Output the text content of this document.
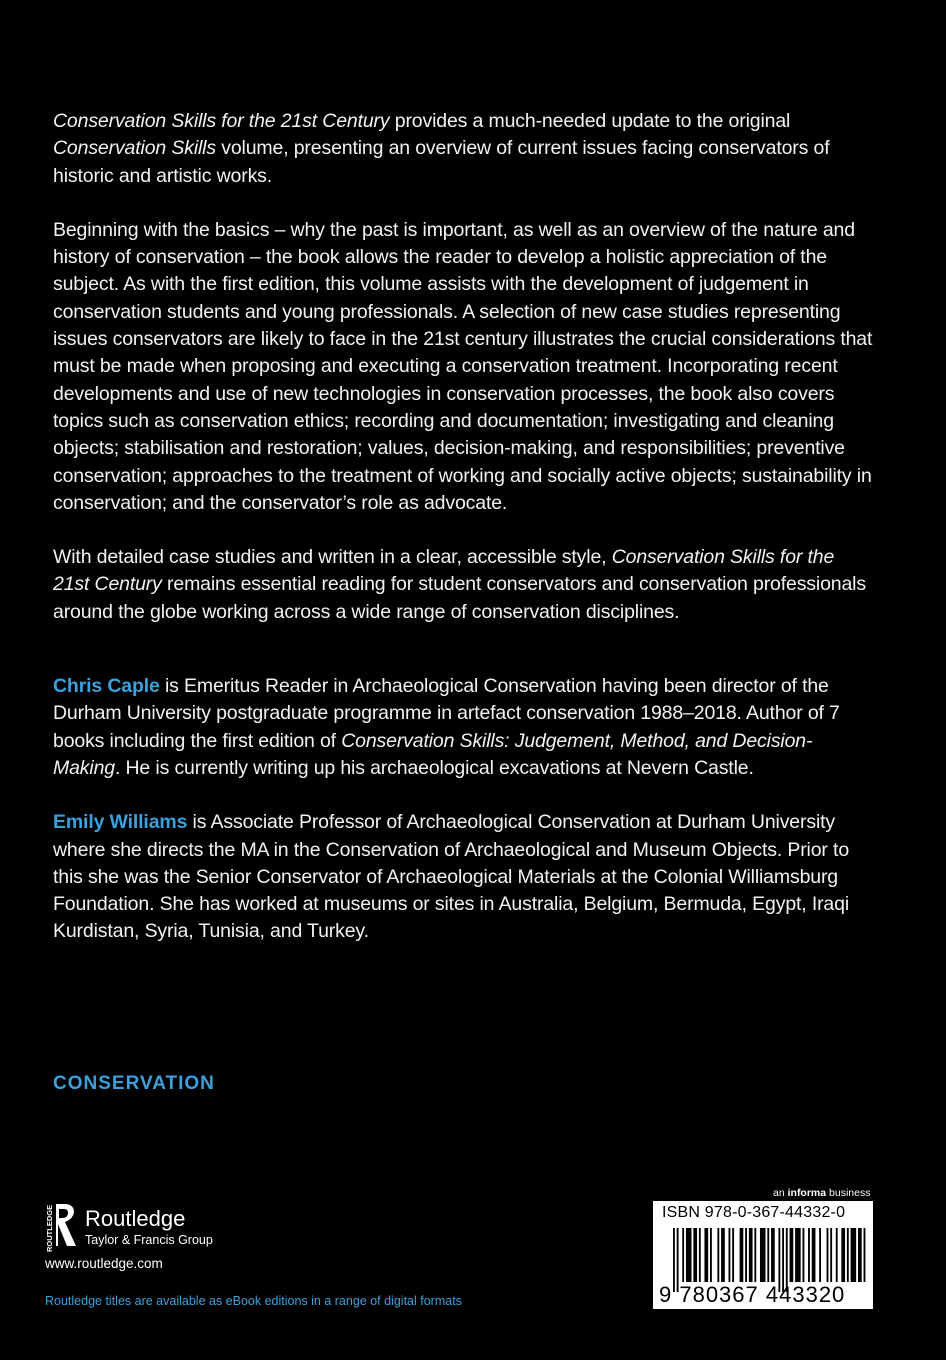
Conservation Skills for the 21st Century provides a much-needed update to the original Conservation Skills volume, presenting an overview of current issues facing conservators of historic and artistic works.

Beginning with the basics – why the past is important, as well as an overview of the nature and history of conservation – the book allows the reader to develop a holistic appreciation of the subject. As with the first edition, this volume assists with the development of judgement in conservation students and young professionals. A selection of new case studies representing issues conservators are likely to face in the 21st century illustrates the crucial considerations that must be made when proposing and executing a conservation treatment. Incorporating recent developments and use of new technologies in conservation processes, the book also covers topics such as conservation ethics; recording and documentation; investigating and cleaning objects; stabilisation and restoration; values, decision-making, and responsibilities; preventive conservation; approaches to the treatment of working and socially active objects; sustainability in conservation; and the conservator’s role as advocate.

With detailed case studies and written in a clear, accessible style, Conservation Skills for the 21st Century remains essential reading for student conservators and conservation professionals around the globe working across a wide range of conservation disciplines.

Chris Caple is Emeritus Reader in Archaeological Conservation having been director of the Durham University postgraduate programme in artefact conservation 1988–2018. Author of 7 books including the first edition of Conservation Skills: Judgement, Method, and Decision-Making. He is currently writing up his archaeological excavations at Nevern Castle.

Emily Williams is Associate Professor of Archaeological Conservation at Durham University where she directs the MA in the Conservation of Archaeological and Museum Objects. Prior to this she was the Senior Conservator of Archaeological Materials at the Colonial Williamsburg Foundation. She has worked at museums or sites in Australia, Belgium, Bermuda, Egypt, Iraqi Kurdistan, Syria, Tunisia, and Turkey.

CONSERVATION
ROUTLEDGE Routledge
Taylor & Francis Group
www.routledge.com
Routledge titles are available as eBook editions in a range of digital formats
an informa business
ISBN 978-0-367-44332-0
9 780367 443320
